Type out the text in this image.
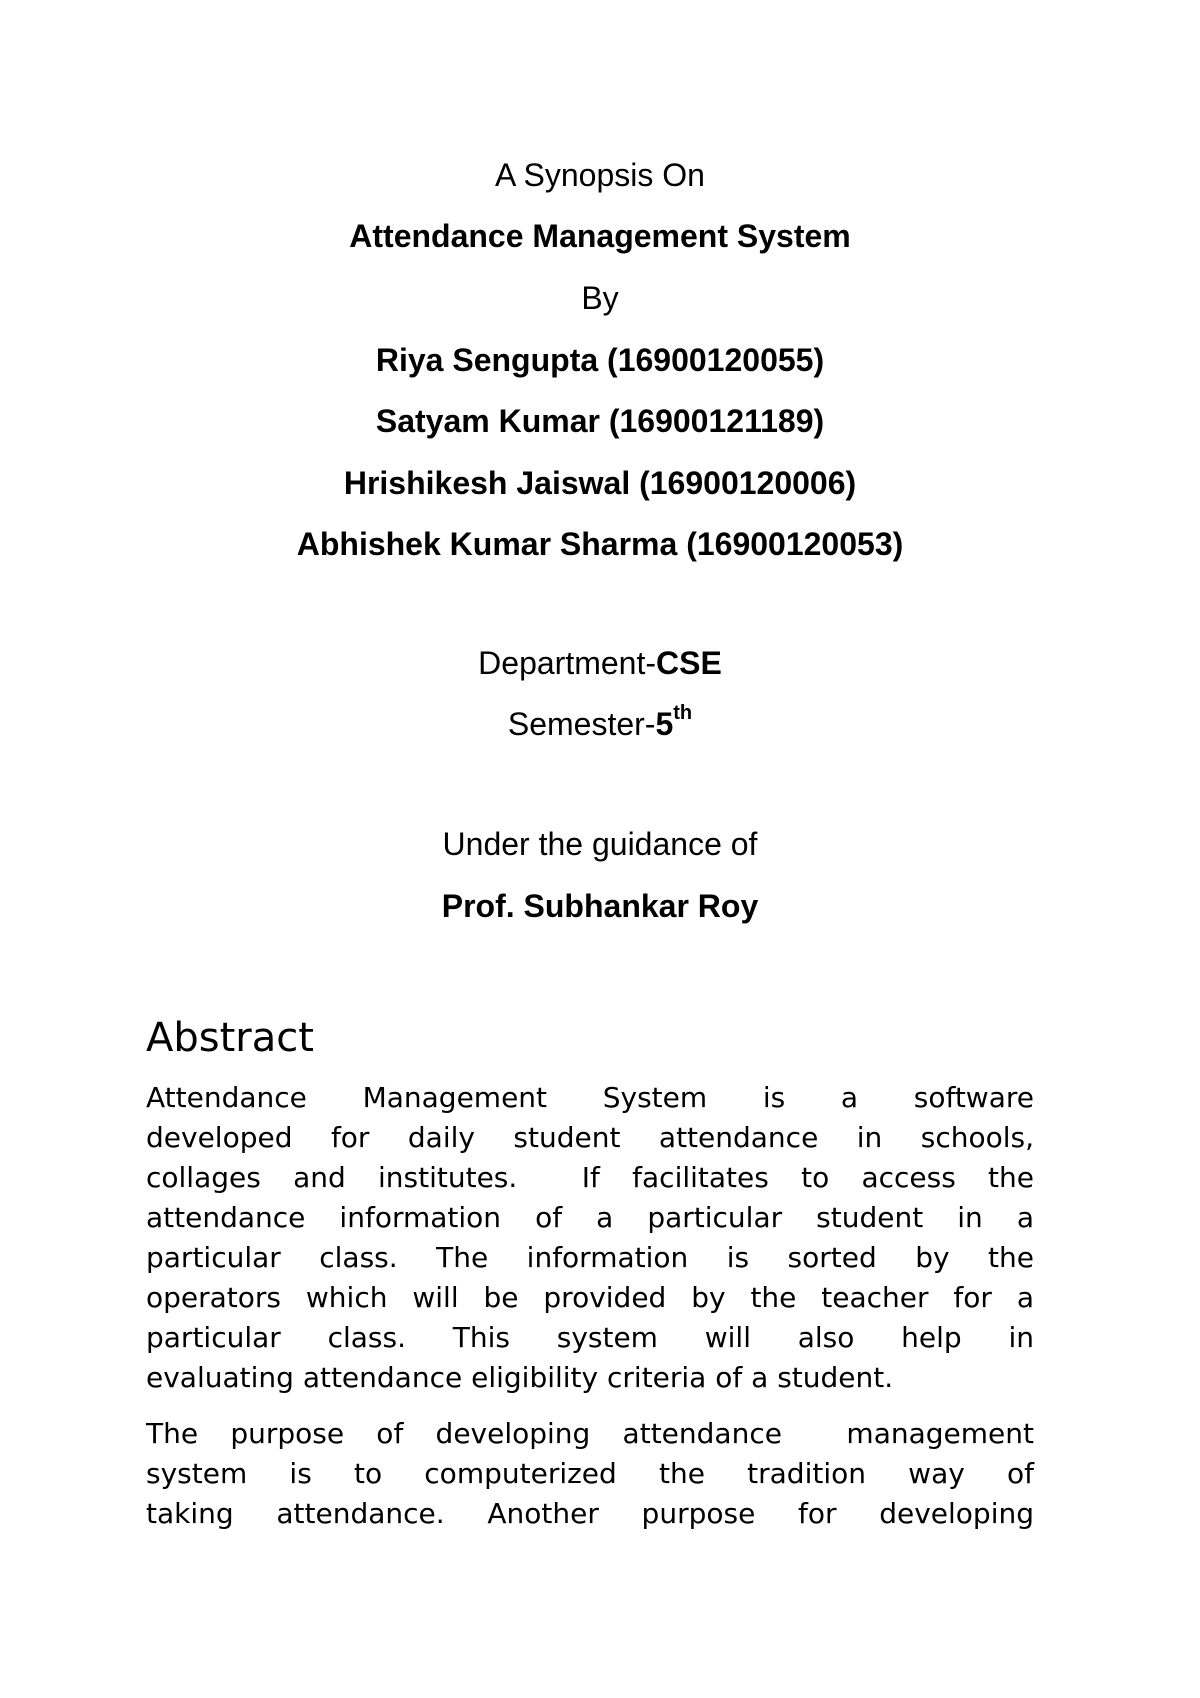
A Synopsis On
Attendance Management System
By
Riya Sengupta (16900120055)
Satyam Kumar (16900121189)
Hrishikesh Jaiswal (16900120006)
Abhishek Kumar Sharma (16900120053)
Department-CSE
Semester-5th
Under the guidance of
Prof. Subhankar Roy
Abstract

Attendance Management System is a software

developed for daily student attendance in schools,

collages and institutes.  If facilitates to access the

attendance information of a particular student in a

particular class. The information is sorted by the

operators which will be provided by the teacher for a

particular class. This system will also help in

evaluating attendance eligibility criteria of a student.

The purpose of developing attendance  management

system is to computerized the tradition way of

taking attendance. Another purpose for developing
